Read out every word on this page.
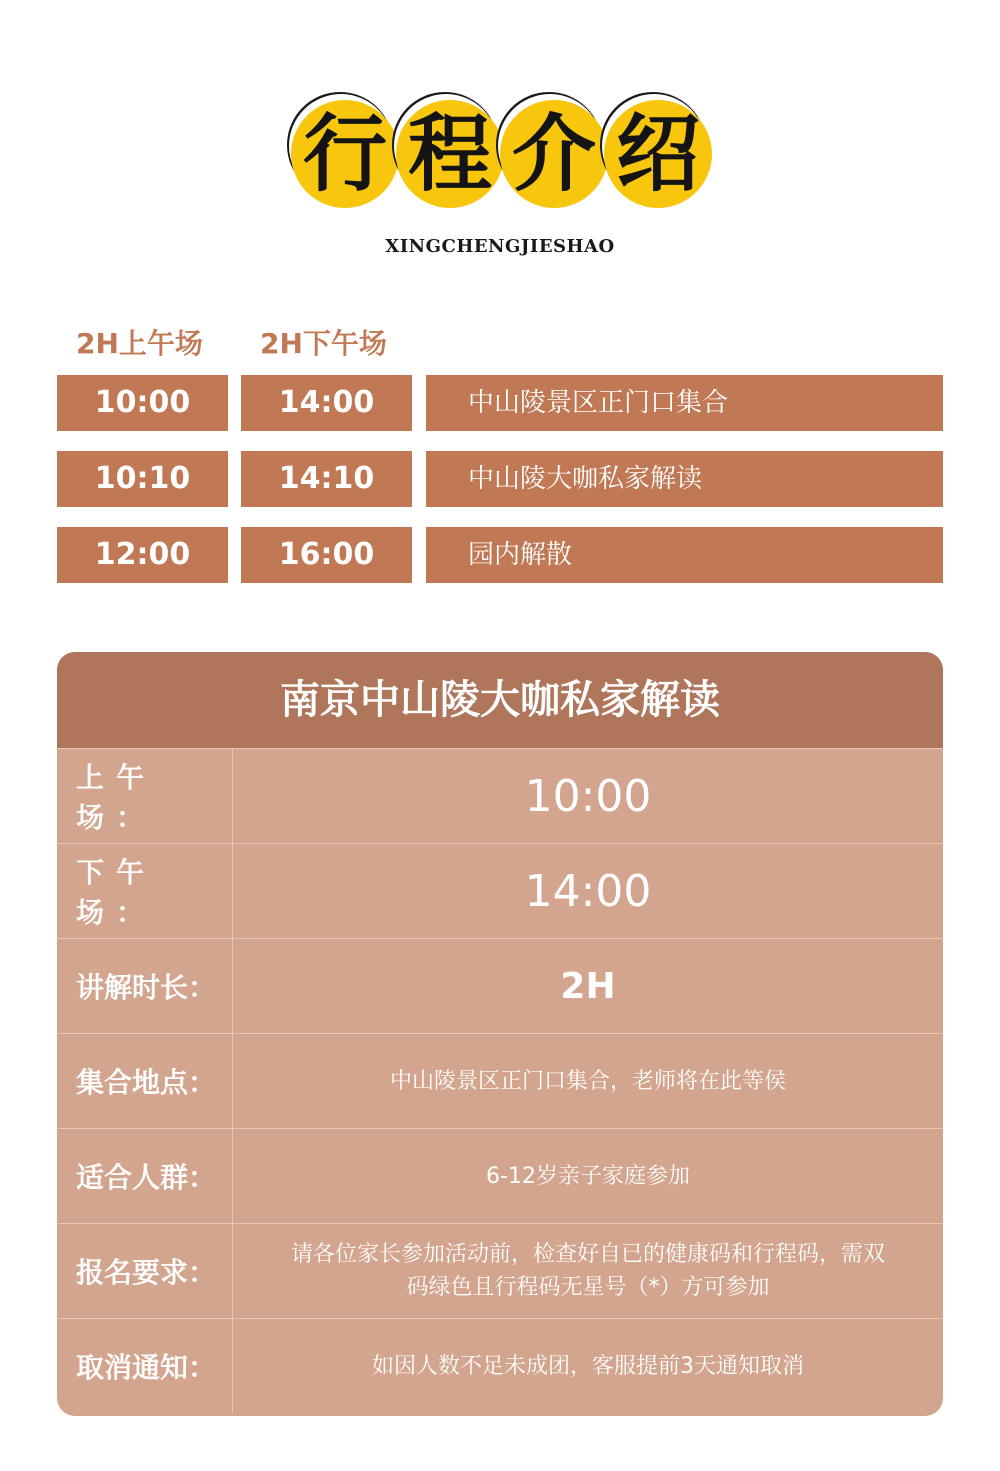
行 程 介 绍
XINGCHENGJIESHAO
2H上午场 2H下午场
10:00	14:00	中山陵景区正门口集合
10:10	14:10	中山陵大咖私家解读
12:00	16:00	园内解散
南京中山陵大咖私家解读
上午场：	10:00
下午场：	14:00
讲解时长：	2H
集合地点：	中山陵景区正门口集合，老师将在此等侯
适合人群：	6-12岁亲子家庭参加
报名要求：
请各位家长参加活动前，检查好自已的健康码和行程码，需双码绿色且行程码无星号（*）方可参加
取消通知：	如因人数不足未成团，客服提前3天通知取消
